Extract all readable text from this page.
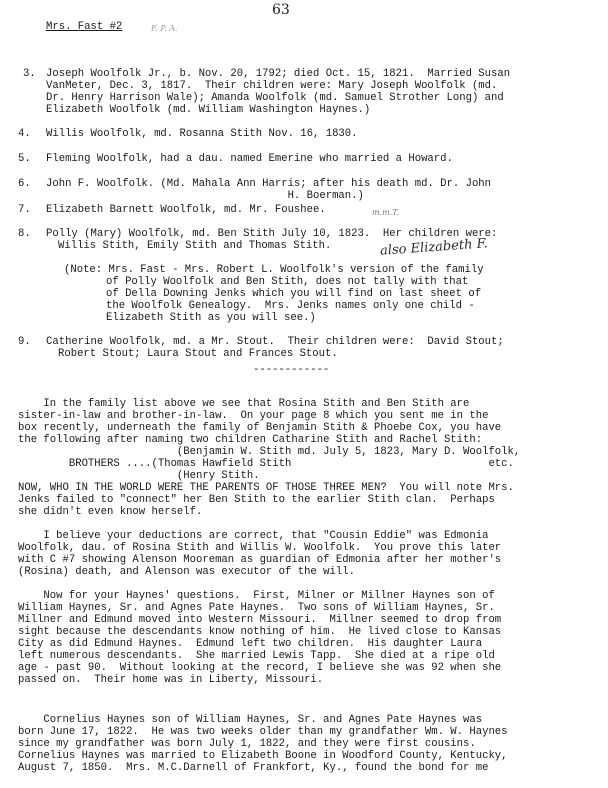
63
Mrs. Fast #2	F. P. A.
3. Joseph Woolfolk Jr., b. Nov. 20, 1792; died Oct. 15, 1821.  Married Susan
VanMeter, Dec. 3, 1817.  Their children were: Mary Joseph Woolfolk (md.
Dr. Henry Harrison Wale); Amanda Woolfolk (md. Samuel Strother Long) and
Elizabeth Woolfolk (md. William Washington Haynes.)
4. Willis Woolfolk, md. Rosanna Stith Nov. 16, 1830.
5. Fleming Woolfolk, had a dau. named Emerine who married a Howard.
6. John F. Woolfolk. (Md. Mahala Ann Harris; after his death md. Dr. John
H. Boerman.)
7. Elizabeth Barnett Woolfolk, md. Mr. Foushee.	m.m.T.
8. Polly (Mary) Woolfolk, md. Ben Stith July 10, 1823.  Her children were:
Willis Stith, Emily Stith and Thomas Stith.	also Elizabeth F.
(Note: Mrs. Fast - Mrs. Robert L. Woolfolk's version of the family
of Polly Woolfolk and Ben Stith, does not tally with that
of Della Downing Jenks which you will find on last sheet of
the Woolfolk Genealogy.  Mrs. Jenks names only one child -
Elizabeth Stith as you will see.)
9. Catherine Woolfolk, md. a Mr. Stout.  Their children were:  David Stout;
Robert Stout; Laura Stout and Frances Stout.
------------
In the family list above we see that Rosina Stith and Ben Stith are
sister-in-law and brother-in-law.  On your page 8 which you sent me in the
box recently, underneath the family of Benjamin Stith & Phoebe Cox, you have
the following after naming two children Catharine Stith and Rachel Stith:
(Benjamin W. Stith md. July 5, 1823, Mary D. Woolfolk,
BROTHERS ....(Thomas Hawfield Stith                               etc.
(Henry Stith.
NOW, WHO IN THE WORLD WERE THE PARENTS OF THOSE THREE MEN?  You will note Mrs.
Jenks failed to "connect" her Ben Stith to the earlier Stith clan.  Perhaps
she didn't even know herself.
I believe your deductions are correct, that "Cousin Eddie" was Edmonia
Woolfolk, dau. of Rosina Stith and Willis W. Woolfolk.  You prove this later
with C #7 showing Alenson Mooreman as guardian of Edmonia after her mother's
(Rosina) death, and Alenson was executor of the will.
Now for your Haynes' questions.  First, Milner or Millner Haynes son of
William Haynes, Sr. and Agnes Pate Haynes.  Two sons of William Haynes, Sr.
Millner and Edmund moved into Western Missouri.  Millner seemed to drop from
sight because the descendants know nothing of him.  He lived close to Kansas
City as did Edmund Haynes.  Edmund left two children.  His daughter Laura
left numerous descendants.  She married Lewis Tapp.  She died at a ripe old
age - past 90.  Without looking at the record, I believe she was 92 when she
passed on.  Their home was in Liberty, Missouri.
Cornelius Haynes son of William Haynes, Sr. and Agnes Pate Haynes was
born June 17, 1822.  He was two weeks older than my grandfather Wm. W. Haynes
since my grandfather was born July 1, 1822, and they were first cousins.
Cornelius Haynes was married to Elizabeth Boone in Woodford County, Kentucky,
August 7, 1850.  Mrs. M.C.Darnell of Frankfort, Ky., found the bond for me
